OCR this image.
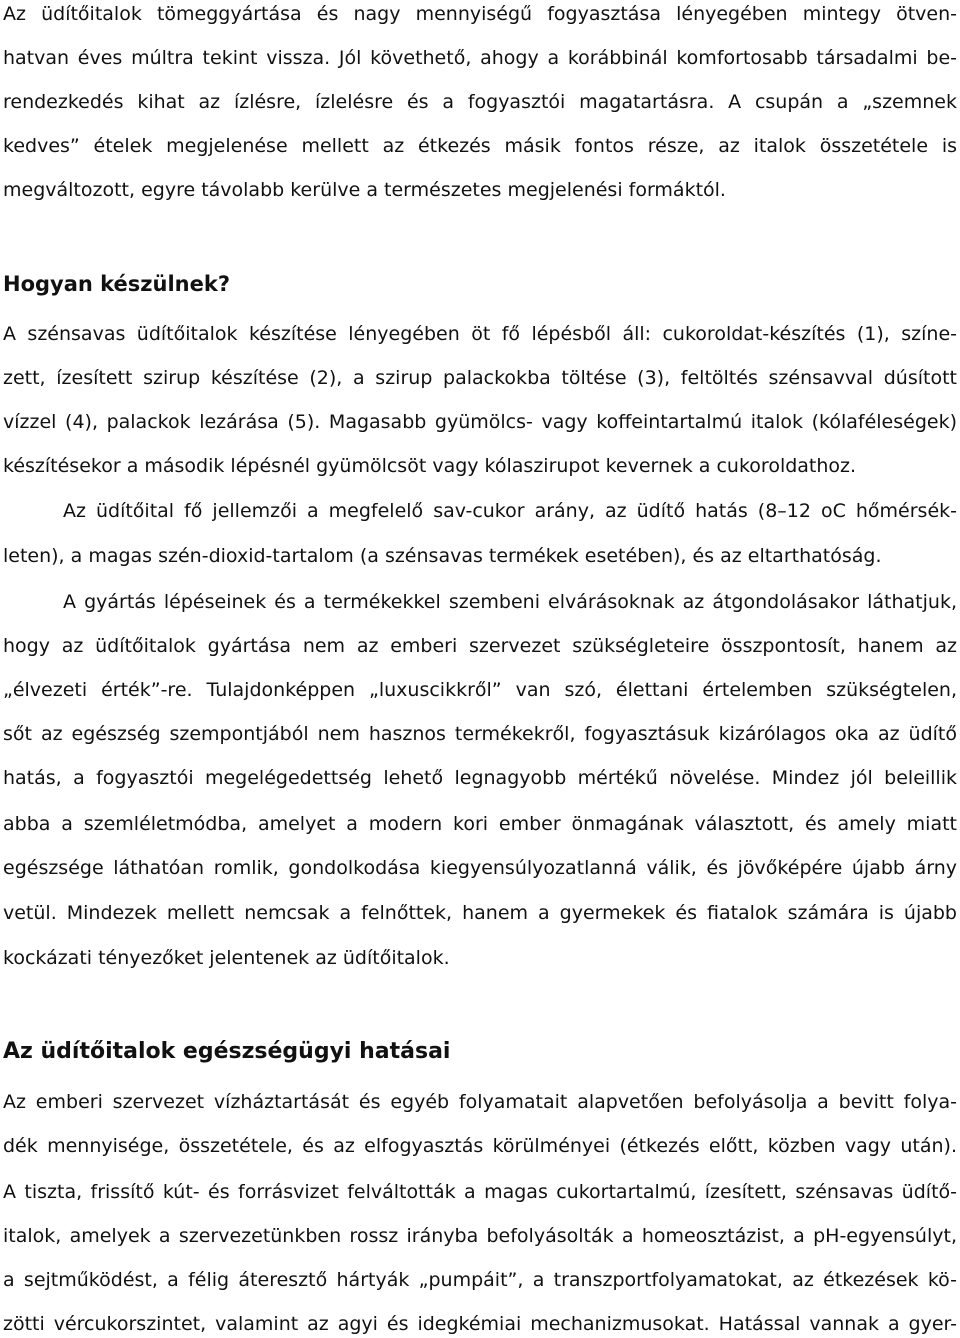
Az üdítőitalok tömeggyártása és nagy mennyiségű fogyasztása lényegében mintegy ötven-
hatvan éves múltra tekint vissza. Jól követhető, ahogy a korábbinál komfortosabb társadalmi be-
rendezkedés kihat az ízlésre, ízlelésre és a fogyasztói magatartásra. A csupán a „szemnek
kedves” ételek megjelenése mellett az étkezés másik fontos része, az italok összetétele is
megváltozott, egyre távolabb kerülve a természetes megjelenési formáktól.
Hogyan készülnek?
A szénsavas üdítőitalok készítése lényegében öt fő lépésből áll: cukoroldat-készítés (1), színe-
zett, ízesített szirup készítése (2), a szirup palackokba töltése (3), feltöltés szénsavval dúsított
vízzel (4), palackok lezárása (5). Magasabb gyümölcs- vagy koffeintartalmú italok (kólaféleségek)
készítésekor a második lépésnél gyümölcsöt vagy kólaszirupot kevernek a cukoroldathoz.
Az üdítőital fő jellemzői a megfelelő sav-cukor arány, az üdítő hatás (8–12 oC hőmérsék-
leten), a magas szén-dioxid-tartalom (a szénsavas termékek esetében), és az eltarthatóság.
A gyártás lépéseinek és a termékekkel szembeni elvárásoknak az átgondolásakor láthatjuk,
hogy az üdítőitalok gyártása nem az emberi szervezet szükségleteire összpontosít, hanem az
„élvezeti érték”-re. Tulajdonképpen „luxuscikkről” van szó, élettani értelemben szükségtelen,
sőt az egészség szempontjából nem hasznos termékekről, fogyasztásuk kizárólagos oka az üdítő
hatás, a fogyasztói megelégedettség lehető legnagyobb mértékű növelése. Mindez jól beleillik
abba a szemléletmódba, amelyet a modern kori ember önmagának választott, és amely miatt
egészsége láthatóan romlik, gondolkodása kiegyensúlyozatlanná válik, és jövőképére újabb árny
vetül. Mindezek mellett nemcsak a felnőttek, hanem a gyermekek és fiatalok számára is újabb
kockázati tényezőket jelentenek az üdítőitalok.
Az üdítőitalok egészségügyi hatásai
Az emberi szervezet vízháztartását és egyéb folyamatait alapvetően befolyásolja a bevitt folya-
dék mennyisége, összetétele, és az elfogyasztás körülményei (étkezés előtt, közben vagy után).
A tiszta, frissítő kút- és forrásvizet felváltották a magas cukortartalmú, ízesített, szénsavas üdítő-
italok, amelyek a szervezetünkben rossz irányba befolyásolták a homeosztázist, a pH-egyensúlyt,
a sejtműködést, a félig áteresztő hártyák „pumpáit”, a transzportfolyamatokat, az étkezések kö-
zötti vércukorszintet, valamint az agyi és idegkémiai mechanizmusokat. Hatással vannak a gyer-
